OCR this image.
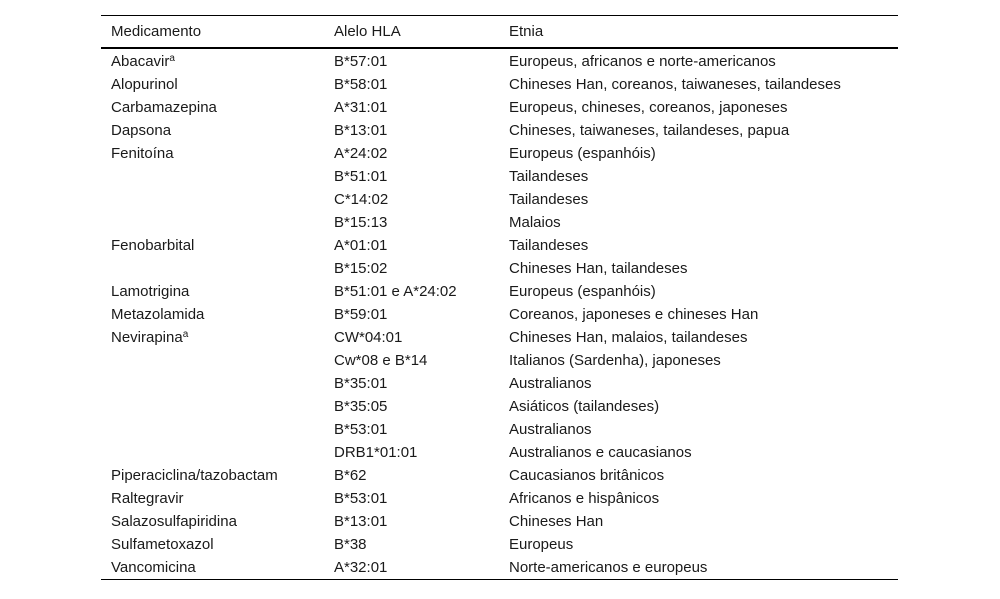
Medicamento	Alelo HLA	Etnia
Abacavir$^a$	B*57:01	Europeus, africanos e norte-americanos
Alopurinol	B*58:01	Chineses Han, coreanos, taiwaneses, tailandeses
Carbamazepina	A*31:01	Europeus, chineses, coreanos, japoneses
Dapsona	B*13:01	Chineses, taiwaneses, tailandeses, papua
Fenitoína	A*24:02	Europeus (espanhóis)
	B*51:01	Tailandeses
	C*14:02	Tailandeses
	B*15:13	Malaios
Fenobarbital	A*01:01	Tailandeses
	B*15:02	Chineses Han, tailandeses
Lamotrigina	B*51:01 e A*24:02	Europeus (espanhóis)
Metazolamida	B*59:01	Coreanos, japoneses e chineses Han
Nevirapina$^a$	CW*04:01	Chineses Han, malaios, tailandeses
	Cw*08 e B*14	Italianos (Sardenha), japoneses
	B*35:01	Australianos
	B*35:05	Asiáticos (tailandeses)
	B*53:01	Australianos
	DRB1*01:01	Australianos e caucasianos
Piperaciclina/tazobactam	B*62	Caucasianos britânicos
Raltegravir	B*53:01	Africanos e hispânicos
Salazosulfapiridina	B*13:01	Chineses Han
Sulfametoxazol	B*38	Europeus
Vancomicina	A*32:01	Norte-americanos e europeus
